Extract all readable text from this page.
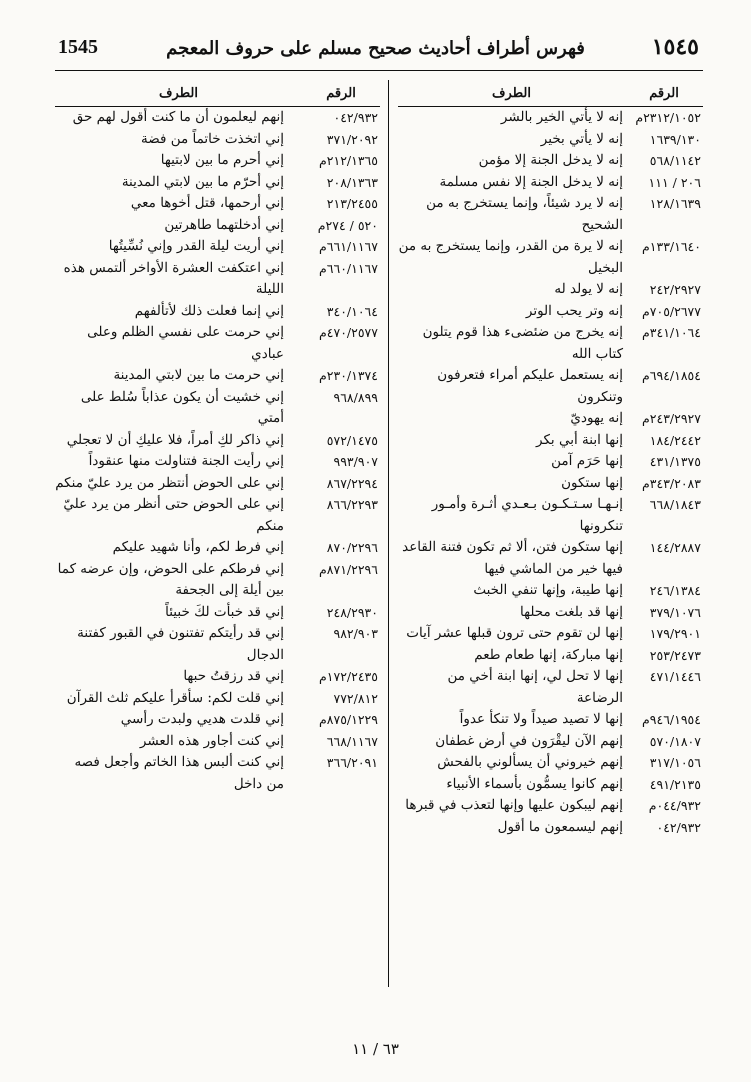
1545	فهرس أطراف أحاديث صحيح مسلم على حروف المعجم	١٥٤٥
الرقم
الطرف
٢٣١٢/١٠٥٢م
إنه لا يأتي الخير بالشر
١٦٣٩/١٣٠
إنه لا يأتي بخير
٥٦٨/١١٤٢
إنه لا يدخل الجنة إلا مؤمن
٢٠٦ / ١١١
إنه لا يدخل الجنة إلا نفس مسلمة
١٢٨/١٦٣٩
إنه لا يرد شيئاً، وإنما يستخرج به من الشحيح
١٣٣/١٦٤٠م
إنه لا يرة من القدر، وإنما يستخرج به من البخيل
٢٤٢/٢٩٢٧
إنه لا يولد له
٧٠٥/٢٦٧٧م
إنه وتر يحب الوتر
٣٤١/١٠٦٤م
إنه يخرج من ضئضىء هذا قوم يتلون كتاب الله
٦٩٤/١٨٥٤م
إنه يستعمل عليكم أمراء فتعرفون وتنكرون
٢٤٣/٢٩٢٧م
إنه يهوديّ
١٨٤/٢٤٤٢
إنها ابنة أبي بكر
٤٣١/١٣٧٥
إنها حَرَم آمن
٣٤٣/٢٠٨٣م
إنها ستكون
٦٦٨/١٨٤٣
إنـهـا سـتـكـون بـعـدي أثـرة وأمـور تنكرونها
١٤٤/٢٨٨٧
إنها ستكون فتن، ألا ثم تكون فتنة القاعد فيها خير من الماشي فيها
٢٤٦/١٣٨٤
إنها طيبة، وإنها تنفي الخبث
٣٧٩/١٠٧٦
إنها قد بلغت محلها
١٧٩/٢٩٠١
إنها لن تقوم حتى ترون قبلها عشر آيات
٢٥٣/٢٤٧٣
إنها مباركة، إنها طعام طعم
٤٧١/١٤٤٦
إنها لا تحل لي، إنها ابنة أخي من الرضاعة
٩٤٦/١٩٥٤م
إنها لا تصيد صيداً ولا تنكأ عدواً
٥٧٠/١٨٠٧
إنهم الآن ليقْرَون في أرض غطفان
٣١٧/١٠٥٦
إنهم خيروني أن يسألوني بالفحش
٤٩١/٢١٣٥
إنهم كانوا يسمُّون بأسماء الأنبياء
٠٤٤/٩٣٢م
إنهم ليبكون عليها وإنها لتعذب في قبرها
٠٤٢/٩٣٢
إنهم ليسمعون ما أقول
الرقم
الطرف
٠٤٢/٩٣٢
إنهم ليعلمون أن ما كنت أقول لهم حق
٣٧١/٢٠٩٢
إني اتخذت خاتماً من فضة
٢١٢/١٣٦٥م
إني أحرم ما بين لابتيها
٢٠٨/١٣٦٣
إني أحرّم ما بين لابتي المدينة
٢١٣/٢٤٥٥
إني أرحمها، قتل أخوها معي
٥٢٠ / ٢٧٤م
إني أدخلتهما طاهرتين
٦٦١/١١٦٧م
إني أريت ليلة القدر وإني نُسِّيتُها
٦٦٠/١١٦٧م
إني اعتكفت العشرة الأواخر ألتمس هذه الليلة
٣٤٠/١٠٦٤
إني إنما فعلت ذلك لأتألفهم
٤٧٠/٢٥٧٧م
إني حرمت على نفسي الظلم وعلى عبادي
٢٣٠/١٣٧٤م
إني حرمت ما بين لابتي المدينة
٩٦٨/٨٩٩
إني خشيت أن يكون عذاباً سُلط على أمتي
٥٧٢/١٤٧٥
إني ذاكر لكِ أمراً، فلا عليكِ أن لا تعجلي
٩٩٣/٩٠٧
إني رأيت الجنة فتناولت منها عنقوداً
٨٦٧/٢٢٩٤
إني على الحوض أنتظر من يرد عليّ منكم
٨٦٦/٢٢٩٣
إني على الحوض حتى أنظر من يرد عليّ منكم
٨٧٠/٢٢٩٦
إني فرط لكم، وأنا شهيد عليكم
٨٧١/٢٢٩٦م
إني فرطكم على الحوض، وإن عرضه كما بين أيلة إلى الجحفة
٢٤٨/٢٩٣٠
إني قد خبأت لكَ خبيئاً
٩٨٢/٩٠٣
إني قد رأيتكم تفتنون في القبور كفتنة الدجال
١٧٢/٢٤٣٥م
إني قد رزقتُ حبها
٧٧٢/٨١٢
إني قلت لكم: سأقرأ عليكم ثلث القرآن
٨٧٥/١٢٢٩م
إني قلدت هديي ولبدت رأسي
٦٦٨/١١٦٧
إني كنت أجاور هذه العشر
٣٦٦/٢٠٩١
إني كنت ألبس هذا الخاتم وأجعل فصه من داخل
٦٣ / ١١
